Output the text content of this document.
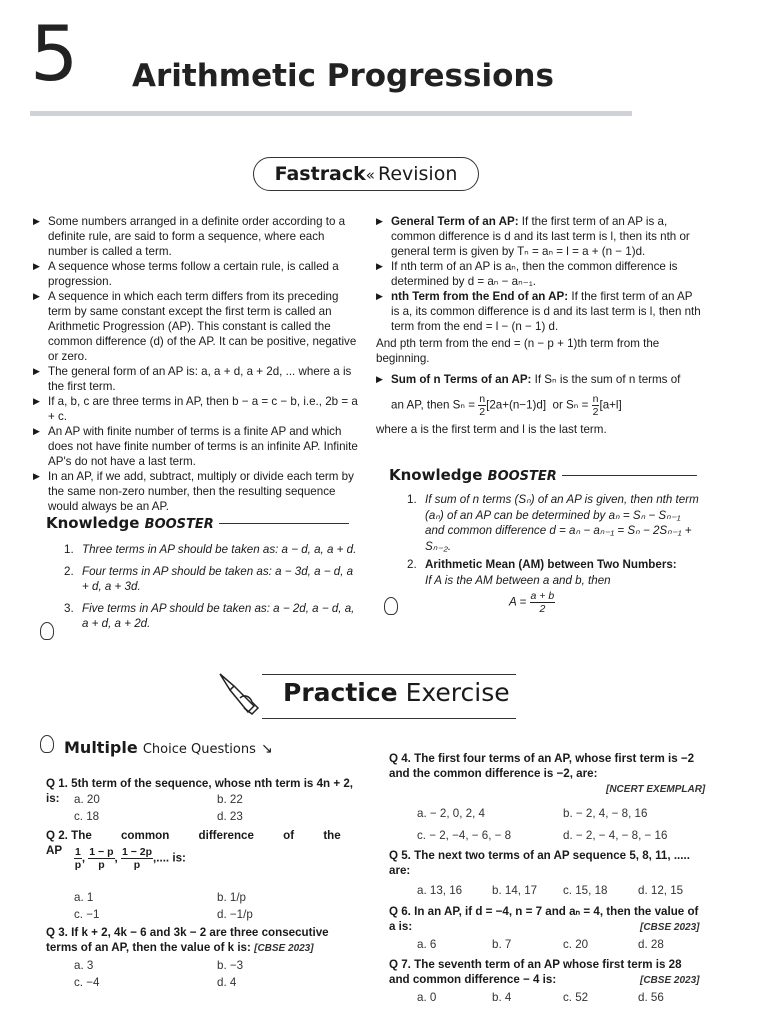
5 Arithmetic Progressions
Fastrack« Revision

▶ Some numbers arranged in a definite order according to a definite rule, are said to form a sequence, where each number is called a term.

▶ A sequence whose terms follow a certain rule, is called a progression.

▶ A sequence in which each term differs from its preceding term by same constant except the first term is called an Arithmetic Progression (AP). This constant is called the common difference (d) of the AP. It can be positive, negative or zero.

▶ The general form of an AP is: a, a + d, a + 2d, ... where a is the first term.

▶ If a, b, c are three terms in AP, then b − a = c − b, i.e., 2b = a + c.

▶ An AP with finite number of terms is a finite AP and which does not have finite number of terms is an infinite AP. Infinite AP's do not have a last term.

▶ In an AP, if we add, subtract, multiply or divide each term by the same non-zero number, then the resulting sequence would always be an AP.

Knowledge BOOSTER
1. Three terms in AP should be taken as: a − d, a, a + d.
2. Four terms in AP should be taken as: a − 3d, a − d, a + d, a + 3d.
3. Five terms in AP should be taken as: a − 2d, a − d, a, a + d, a + 2d.

▶ General Term of an AP: If the first term of an AP is a, common difference is d and its last term is l, then its nth or general term is given by Tₙ = aₙ = l = a + (n − 1)d.

▶ If nth term of an AP is aₙ, then the common difference is determined by d = aₙ − aₙ₋₁.

▶ nth Term from the End of an AP: If the first term of an AP is a, its common difference is d and its last term is l, then nth term from the end = l − (n − 1) d.

And pth term from the end = (n − p + 1)th term from the beginning.

▶ Sum of n Terms of an AP: If Sₙ is the sum of n terms of

an AP, then $S_n = \frac{n}{2} [2a+(n-1)d]$ or $S_n = \frac{n}{2} [a+l]$

where a is the first term and l is the last term.

Knowledge BOOSTER
1. If sum of n terms (Sₙ) of an AP is given, then nth term (aₙ) of an AP can be determined by aₙ = Sₙ − Sₙ₋₁ and common difference d = aₙ − aₙ₋₁ = Sₙ − 2Sₙ₋₁ + Sₙ₋₂.
2. Arithmetic Mean (AM) between Two Numbers:
If A is the AM between a and b, then
$A = \frac{a + b}{2}$
Practice Exercise
Multiple Choice Questions ↘
Q 1. 5th term of the sequence, whose nth term is 4n + 2, is:	a. 20	b. 22
c. 18	d. 23
Q 2. The common difference of the AP	$\frac{1}{p}$ , $\frac{1 - p}{p}$ , $\frac{1 - 2p}{p}$ ,.... is:
a. 1	b. 1/p
c. −1	d. −1/p
Q 3. If k + 2, 4k − 6 and 3k − 2 are three consecutive terms of an AP, then the value of k is: [CBSE 2023]
a. 3	b. −3
c. −4	d. 4
Q 4. The first four terms of an AP, whose first term is −2 and the common difference is −2, are:
[NCERT EXEMPLAR]
a. − 2, 0, 2, 4	b. − 2, 4, − 8, 16
c. − 2, −4, − 6, − 8	d. − 2, − 4, − 8, − 16
Q 5. The next two terms of an AP sequence 5, 8, 11, ..... are:
a. 13, 16	b. 14, 17 c. 15, 18	d. 12, 15
Q 6. In an AP, if d = −4, n = 7 and aₙ = 4, then the value of a is:	[CBSE 2023]
a. 6	b. 7	c. 20	d. 28
Q 7. The seventh term of an AP whose first term is 28 and common difference − 4 is:	[CBSE 2023]
a. 0	b. 4	c. 52	d. 56
